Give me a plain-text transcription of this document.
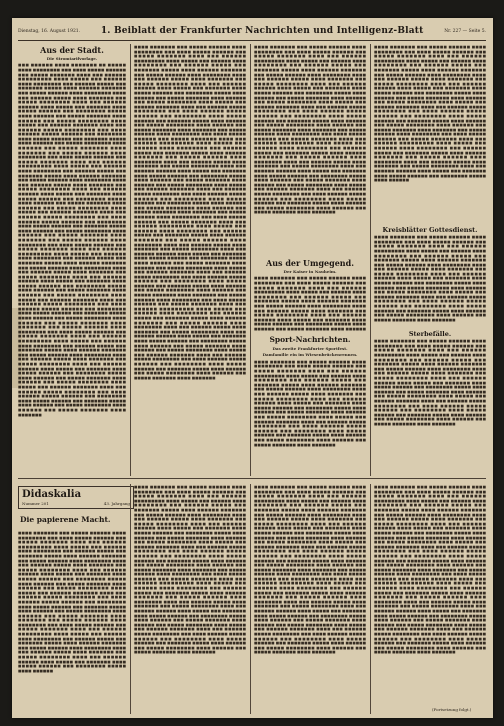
Dienstag, 16. August 1921. 1. Beiblatt der Frankfurter Nachrichten und Intelligenz-Blatt	Nr. 227 — Seite 5.
Aus der Stadt.
Die Stromtarifvorlage.
■■■ ■■■■■■ ■■■■ ■■■■■■■ ■■ ■■■■■ ■■■■ ■■■■■■■■ ■■■ ■■■■ ■■■■■ ■■■■■■ ■■■ ■■■■■ ■■■■■■■ ■■■■ ■■■ ■■■■■■ ■■■■■■■■■ ■■■■ ■■■■■ ■■■ ■■■■■■ ■■■■ ■■■■■■■■ ■■■ ■■■■■■ ■■■■■ ■■■ ■■■■■■■ ■■■■■ ■■■■ ■■■■■■ ■■■■■■■ ■■■ ■■■■■ ■■■■■■ ■■■■ ■■■■■■■■ ■■■■ ■■■ ■■■■■■ ■■■■■ ■■■■ ■■■■■■■ ■■■ ■■■■■ ■■■■■■■■ ■■■■ ■■■ ■■■■■■ ■■■■■■ ■■■■ ■■■■■ ■■■ ■■■■■■■ ■■■■ ■■■■■ ■■■■■■ ■■■ ■■■■■■■■ ■■■■■ ■■■■ ■■■■■■ ■■■ ■■■■■ ■■■■■■■ ■■■■ ■■■■■■ ■■■ ■■■■■ ■■■■■■■■ ■■■■ ■■■■■ ■■■ ■■■■■■ ■■■■■■■ ■■■■ ■■■ ■■■■■■ ■■■■■ ■■■■■■■■ ■■■ ■■■■ ■■■■■■ ■■■■■ ■■■■■■ ■■■ ■■■■■■■■ ■■■■ ■■■■■ ■■■■■■ ■■■ ■■■■■■■ ■■■■■ ■■■■ ■■■■■■ ■■■ ■■■■■ ■■■■■■■■ ■■■■ ■■■■■■ ■■■ ■■■■■ ■■■■■■■ ■■■■ ■■■■■■■ ■■■ ■■■■■ ■■■■■■ ■■■■ ■■■■■■■■ ■■■ ■■■■ ■■■■■ ■■■■■■ ■■■ ■■■■■ ■■■■■■■ ■■■■ ■■■ ■■■■■■ ■■■■■■■■■ ■■■■ ■■■■■ ■■■ ■■■■■■ ■■■■ ■■■■■■■■ ■■■ ■■■■■■ ■■■■■ ■■■ ■■■■■■■ ■■■■■ ■■■■ ■■■■■■ ■■■■■■■ ■■■ ■■■■■ ■■■■■■ ■■■■ ■■■■■■■■ ■■■■ ■■■ ■■■■■■ ■■■■■ ■■■■ ■■■■■■■ ■■■ ■■■■■ ■■■■■■■■ ■■■■ ■■■ ■■■■■■ ■■■■■■ ■■■■ ■■■■■ ■■■ ■■■■■■■ ■■■■ ■■■■■ ■■■■■■ ■■■ ■■■■■■■■ ■■■■■ ■■■■ ■■■■■■ ■■■ ■■■■■ ■■■■■■■ ■■■■ ■■■■■■ ■■■ ■■■■■ ■■■■■■■■ ■■■■ ■■■■■ ■■■ ■■■■■■ ■■■■■■■ ■■■■ ■■■ ■■■■■■ ■■■■■ ■■■■■■■■ ■■■ ■■■■ ■■■■■■ ■■■■■ ■■■■■■ ■■■ ■■■■■■■■ ■■■■ ■■■■■ ■■■■■■ ■■■ ■■■■■■■ ■■■■■ ■■■■ ■■■■■■ ■■■ ■■■■■ ■■■■■■■■ ■■■■ ■■■■■■ ■■■ ■■■■■ ■■■■■■■ ■■■■ ■■■■■■■ ■■■ ■■■■■ ■■■■■■ ■■■■ ■■■■■■■■ ■■■ ■■■■ ■■■■■ ■■■■■■ ■■■ ■■■■■ ■■■■■■■ ■■■■ ■■■ ■■■■■■ ■■■■■■■■■ ■■■■ ■■■■■ ■■■ ■■■■■■ ■■■■ ■■■■■■■■ ■■■ ■■■■■■ ■■■■■ ■■■ ■■■■■■■ ■■■■■ ■■■■ ■■■■■■ ■■■■■■■ ■■■ ■■■■■ ■■■■■■ ■■■■ ■■■■■■■■ ■■■■ ■■■ ■■■■■■ ■■■■■ ■■■■ ■■■■■■■ ■■■ ■■■■■ ■■■■■■■■ ■■■■ ■■■ ■■■■■■ ■■■■■■ ■■■■ ■■■■■ ■■■ ■■■■■■■ ■■■■ ■■■■■ ■■■■■■ ■■■ ■■■■■■■■ ■■■■■ ■■■■ ■■■■■■ ■■■ ■■■■■ ■■■■■■■ ■■■■ ■■■■■■ ■■■ ■■■■■ ■■■■■■■■ ■■■■ ■■■■■ ■■■ ■■■■■■ ■■■■■■■ ■■■■ ■■■ ■■■■■■ ■■■■■ ■■■■■■■■ ■■■ ■■■■ ■■■■■■ ■■■■■ ■■■■■■ ■■■ ■■■■■■■■ ■■■■ ■■■■■ ■■■■■■ ■■■ ■■■■■■■ ■■■■■ ■■■■ ■■■■■■ ■■■ ■■■■■ ■■■■■■■■ ■■■■ ■■■■■■ ■■■ ■■■■■ ■■■■■■■ ■■■■ ■■■■■■■ ■■■ ■■■■■ ■■■■■■ ■■■■ ■■■■■■■■ ■■■ ■■■■ ■■■■■ ■■■■■■ ■■■ ■■■■■ ■■■■■■■ ■■■■ ■■■ ■■■■■■ ■■■■■■■■■ ■■■■ ■■■■■ ■■■ ■■■■■■ ■■■■ ■■■■■■■■ ■■■ ■■■■■■ ■■■■■ ■■■ ■■■■■■■ ■■■■■ ■■■■ ■■■■■■ ■■■■■■■ ■■■ ■■■■■ ■■■■■■ ■■■■ ■■■■■■■■ ■■■■ ■■■ ■■■■■■ ■■■■■ ■■■■ ■■■■■■■ ■■■ ■■■■■ ■■■■■■■■ ■■■■ ■■■ ■■■■■■ ■■■■■■ ■■■■ ■■■■■ ■■■ ■■■■■■■ ■■■■ ■■■■■ ■■■■■■ ■■■ ■■■■■■■■ ■■■■■ ■■■■ ■■■■■■ ■■■ ■■■■■ ■■■■■■■ ■■■■ ■■■■■■ ■■■ ■■■■■ ■■■■■■■■ ■■■■ ■■■■■ ■■■ ■■■■■■ ■■■■■■■ ■■■■ ■■■ ■■■■■■ ■■■■■ ■■■■■■■■ ■■■ ■■■■ ■■■■■■ ■■■■■ ■■■■■■ ■■■ ■■■■■■■■ ■■■■ ■■■■■ ■■■■■■ ■■■ ■■■■■■■ ■■■■■ ■■■■ ■■■■■■ ■■■ ■■■■■ ■■■■■■■■ ■■■■ ■■■■■■ ■■■ ■■■■■ ■■■■■■■ ■■■■ ■■■■■■■
■■■■ ■■■■■■■ ■■■ ■■■■■ ■■■■■■ ■■■■ ■■■■■■■■ ■■■ ■■■■ ■■■■■ ■■■■■■ ■■■ ■■■■■ ■■■■■■■ ■■■■ ■■■ ■■■■■■ ■■■■■■■■■ ■■■■ ■■■■■ ■■■ ■■■■■■ ■■■■ ■■■■■■■■ ■■■ ■■■■■■ ■■■■■ ■■■ ■■■■■■■ ■■■■■ ■■■■ ■■■■■■ ■■■■■■■ ■■■ ■■■■■ ■■■■■■ ■■■■ ■■■■■■■■ ■■■■ ■■■ ■■■■■■ ■■■■■ ■■■■ ■■■■■■■ ■■■ ■■■■■ ■■■■■■■■ ■■■■ ■■■ ■■■■■■ ■■■■■■ ■■■■ ■■■■■ ■■■ ■■■■■■■ ■■■■ ■■■■■ ■■■■■■ ■■■ ■■■■■■■■ ■■■■■ ■■■■ ■■■■■■ ■■■ ■■■■■ ■■■■■■■ ■■■■ ■■■■■■ ■■■ ■■■■■ ■■■■■■■■ ■■■■ ■■■■■ ■■■ ■■■■■■ ■■■■■■■ ■■■■ ■■■ ■■■■■■ ■■■■■ ■■■■■■■■ ■■■ ■■■■ ■■■■■■ ■■■■■ ■■■■■■ ■■■ ■■■■■■■■ ■■■■ ■■■■■ ■■■■■■ ■■■ ■■■■■■■ ■■■■■ ■■■■ ■■■■■■ ■■■ ■■■■■ ■■■■■■■■ ■■■■ ■■■■■■ ■■■ ■■■■■ ■■■■■■■ ■■■■ ■■■■■■■ ■■■ ■■■■■ ■■■■■■ ■■■■ ■■■■■■■■ ■■■ ■■■■ ■■■■■ ■■■■■■ ■■■ ■■■■■ ■■■■■■■ ■■■■ ■■■ ■■■■■■ ■■■■■■■■■ ■■■■ ■■■■■ ■■■ ■■■■■■ ■■■■ ■■■■■■■■ ■■■ ■■■■■■ ■■■■■ ■■■ ■■■■■■■ ■■■■■ ■■■■ ■■■■■■ ■■■■■■■ ■■■ ■■■■■ ■■■■■■ ■■■■ ■■■■■■■■ ■■■■ ■■■ ■■■■■■ ■■■■■ ■■■■ ■■■■■■■ ■■■ ■■■■■ ■■■■■■■■ ■■■■ ■■■ ■■■■■■ ■■■■■■ ■■■■ ■■■■■ ■■■ ■■■■■■■ ■■■■ ■■■■■ ■■■■■■ ■■■ ■■■■■■■■ ■■■■■ ■■■■ ■■■■■■ ■■■ ■■■■■ ■■■■■■■ ■■■■ ■■■■■■ ■■■ ■■■■■ ■■■■■■■■ ■■■■ ■■■■■ ■■■ ■■■■■■ ■■■■■■■ ■■■■ ■■■ ■■■■■■ ■■■■■ ■■■■■■■■ ■■■ ■■■■ ■■■■■■ ■■■■■ ■■■■■■ ■■■ ■■■■■■■■ ■■■■ ■■■■■ ■■■■■■ ■■■ ■■■■■■■ ■■■■■ ■■■■ ■■■■■■ ■■■ ■■■■■ ■■■■■■■■ ■■■■ ■■■■■■ ■■■ ■■■■■ ■■■■■■■ ■■■■ ■■■■■■■ ■■■ ■■■■■ ■■■■■■ ■■■■ ■■■■■■■■ ■■■ ■■■■ ■■■■■ ■■■■■■ ■■■ ■■■■■ ■■■■■■■ ■■■■ ■■■ ■■■■■■ ■■■■■■■■■ ■■■■ ■■■■■ ■■■ ■■■■■■ ■■■■ ■■■■■■■■ ■■■ ■■■■■■ ■■■■■ ■■■ ■■■■■■■ ■■■■■ ■■■■ ■■■■■■ ■■■■■■■ ■■■ ■■■■■ ■■■■■■ ■■■■ ■■■■■■■■ ■■■■ ■■■ ■■■■■■ ■■■■■ ■■■■ ■■■■■■■ ■■■ ■■■■■ ■■■■■■■■ ■■■■ ■■■ ■■■■■■ ■■■■■■ ■■■■ ■■■■■ ■■■ ■■■■■■■ ■■■■ ■■■■■ ■■■■■■ ■■■ ■■■■■■■■ ■■■■■ ■■■■ ■■■■■■ ■■■ ■■■■■ ■■■■■■■ ■■■■ ■■■■■■ ■■■ ■■■■■ ■■■■■■■■ ■■■■ ■■■■■ ■■■ ■■■■■■ ■■■■■■■ ■■■■ ■■■ ■■■■■■ ■■■■■ ■■■■■■■■ ■■■ ■■■■ ■■■■■■ ■■■■■ ■■■■■■ ■■■ ■■■■■■■■ ■■■■ ■■■■■ ■■■■■■ ■■■ ■■■■■■■ ■■■■■ ■■■■ ■■■■■■ ■■■ ■■■■■ ■■■■■■■■ ■■■■ ■■■■■■ ■■■ ■■■■■ ■■■■■■■ ■■■■ ■■■■■■■ ■■■ ■■■■■ ■■■■■■ ■■■■ ■■■■■■■■ ■■■ ■■■■ ■■■■■ ■■■■■■ ■■■ ■■■■■ ■■■■■■■ ■■■■ ■■■ ■■■■■■ ■■■■■■■■■ ■■■■ ■■■■■ ■■■ ■■■■■■ ■■■■ ■■■■■■■■ ■■■ ■■■■■■ ■■■■■ ■■■ ■■■■■■■ ■■■■■ ■■■■ ■■■■■■ ■■■■■■■ ■■■ ■■■■■ ■■■■■■ ■■■■ ■■■■■■■■ ■■■■ ■■■ ■■■■■■ ■■■■■ ■■■■ ■■■■■■■ ■■■ ■■■■■ ■■■■■■■■ ■■■■ ■■■ ■■■■■■ ■■■■■■ ■■■■ ■■■■■ ■■■ ■■■■■■■ ■■■■ ■■■■■ ■■■■■■ ■■■ ■■■■■■■■ ■■■■■ ■■■■ ■■■■■■ ■■■ ■■■■■ ■■■■■■■ ■■■■ ■■■■■■ ■■■ ■■■■■ ■■■■■■■■ ■■■■ ■■■■■ ■■■ ■■■■■■ ■■■■■■■ ■■■■ ■■■ ■■■■■■ ■■■■■ ■■■■■■■■ ■■■ ■■■■ ■■■■■■ ■■■■■ ■■■■■■ ■■■ ■■■■■■■■ ■■■■ ■■■■■ ■■■■■■ ■■■ ■■■■■■■ ■■■■■ ■■■■ ■■■■■■ ■■■ ■■■■■ ■■■■■■■■ ■■■■ ■■■■■■ ■■■ ■■■■■ ■■■■■■■ ■■■■ ■■■■■■■
■■■■ ■■■■■■■ ■■■ ■■■■■ ■■■■■■ ■■■■ ■■■■■■■■ ■■■ ■■■■ ■■■■■ ■■■■■■ ■■■ ■■■■■ ■■■■■■■ ■■■■ ■■■ ■■■■■■ ■■■■■■■■■ ■■■■ ■■■■■ ■■■ ■■■■■■ ■■■■ ■■■■■■■■ ■■■ ■■■■■■ ■■■■■ ■■■ ■■■■■■■ ■■■■■ ■■■■ ■■■■■■ ■■■■■■■ ■■■ ■■■■■ ■■■■■■ ■■■■ ■■■■■■■■ ■■■■ ■■■ ■■■■■■ ■■■■■ ■■■■ ■■■■■■■ ■■■ ■■■■■ ■■■■■■■■ ■■■■ ■■■ ■■■■■■ ■■■■■■ ■■■■ ■■■■■ ■■■ ■■■■■■■ ■■■■ ■■■■■ ■■■■■■ ■■■ ■■■■■■■■ ■■■■■ ■■■■ ■■■■■■ ■■■ ■■■■■ ■■■■■■■ ■■■■ ■■■■■■ ■■■ ■■■■■ ■■■■■■■■ ■■■■ ■■■■■ ■■■ ■■■■■■ ■■■■■■■ ■■■■ ■■■ ■■■■■■ ■■■■■ ■■■■■■■■ ■■■ ■■■■ ■■■■■■ ■■■■■ ■■■■■■ ■■■ ■■■■■■■■ ■■■■ ■■■■■ ■■■■■■ ■■■ ■■■■■■■ ■■■■■ ■■■■ ■■■■■■ ■■■ ■■■■■ ■■■■■■■■ ■■■■ ■■■■■■ ■■■ ■■■■■ ■■■■■■■ ■■■■ ■■■■■■■ ■■■ ■■■■■ ■■■■■■ ■■■■ ■■■■■■■■ ■■■ ■■■■ ■■■■■ ■■■■■■ ■■■ ■■■■■ ■■■■■■■ ■■■■ ■■■ ■■■■■■ ■■■■■■■■■ ■■■■ ■■■■■ ■■■ ■■■■■■ ■■■■ ■■■■■■■■ ■■■ ■■■■■■ ■■■■■ ■■■ ■■■■■■■ ■■■■■ ■■■■ ■■■■■■ ■■■■■■■ ■■■ ■■■■■ ■■■■■■ ■■■■ ■■■■■■■■ ■■■■ ■■■ ■■■■■■ ■■■■■ ■■■■ ■■■■■■■ ■■■ ■■■■■ ■■■■■■■■ ■■■■ ■■■ ■■■■■■ ■■■■■■ ■■■■ ■■■■■ ■■■ ■■■■■■■ ■■■■ ■■■■■ ■■■■■■ ■■■ ■■■■■■■■ ■■■■■ ■■■■ ■■■■■■ ■■■ ■■■■■ ■■■■■■■ ■■■■ ■■■■■■ ■■■ ■■■■■ ■■■■■■■■ ■■■■ ■■■■■ ■■■ ■■■■■■ ■■■■■■■ ■■■■ ■■■ ■■■■■■ ■■■■■ ■■■■■■■■ ■■■ ■■■■ ■■■■■■ ■■■■■ ■■■■■■ ■■■ ■■■■■■■■ ■■■■ ■■■■■ ■■■■■■ ■■■ ■■■■■■■ ■■■■■ ■■■■ ■■■■■■ ■■■ ■■■■■ ■■■■■■■■ ■■■■ ■■■■■■ ■■■ ■■■■■ ■■■■■■■ ■■■■ ■■■■■■■
Aus der Umgegend.
Der Kaiser in Nauheim.
■■■■ ■■■■■■■ ■■■ ■■■■■ ■■■■■■ ■■■■ ■■■■■■■■ ■■■ ■■■■ ■■■■■ ■■■■■■ ■■■ ■■■■■ ■■■■■■■ ■■■■ ■■■ ■■■■■■ ■■■■■■■■■ ■■■■ ■■■■■ ■■■ ■■■■■■ ■■■■ ■■■■■■■■ ■■■ ■■■■■■ ■■■■■ ■■■ ■■■■■■■ ■■■■■ ■■■■ ■■■■■■ ■■■■■■■ ■■■ ■■■■■ ■■■■■■ ■■■■ ■■■■■■■■ ■■■■ ■■■ ■■■■■■ ■■■■■ ■■■■ ■■■■■■■ ■■■ ■■■■■ ■■■■■■■■ ■■■■ ■■■ ■■■■■■ ■■■■■■ ■■■■ ■■■■■ ■■■ ■■■■■■■ ■■■■ ■■■■■ ■■■■■■ ■■■ ■■■■■■■■ ■■■■■ ■■■■ ■■■■■■ ■■■ ■■■■■ ■■■■■■■ ■■■■ ■■■■■■
Sport-Nachrichten.
Das zweite Frankfurter Sportfest.
Damfamilie ein im Wiesenbrückenrennen.
■■■■ ■■■■■■■ ■■■ ■■■■■ ■■■■■■ ■■■■ ■■■■■■■■ ■■■ ■■■■ ■■■■■ ■■■■■■ ■■■ ■■■■■ ■■■■■■■ ■■■■ ■■■ ■■■■■■ ■■■■■■■■■ ■■■■ ■■■■■ ■■■ ■■■■■■ ■■■■ ■■■■■■■■ ■■■ ■■■■■■ ■■■■■ ■■■ ■■■■■■■ ■■■■■ ■■■■ ■■■■■■ ■■■■■■■ ■■■ ■■■■■ ■■■■■■ ■■■■ ■■■■■■■■ ■■■■ ■■■ ■■■■■■ ■■■■■ ■■■■ ■■■■■■■ ■■■ ■■■■■ ■■■■■■■■ ■■■■ ■■■ ■■■■■■ ■■■■■■ ■■■■ ■■■■■ ■■■ ■■■■■■■ ■■■■ ■■■■■ ■■■■■■ ■■■ ■■■■■■■■ ■■■■■ ■■■■ ■■■■■■ ■■■ ■■■■■ ■■■■■■■ ■■■■ ■■■■■■ ■■■ ■■■■■ ■■■■■■■■ ■■■■ ■■■■■ ■■■ ■■■■■■ ■■■■■■■ ■■■■ ■■■ ■■■■■■ ■■■■■ ■■■■■■■■ ■■■ ■■■■ ■■■■■■ ■■■■■ ■■■■■■ ■■■ ■■■■■■■■ ■■■■ ■■■■■ ■■■■■■ ■■■ ■■■■■■■ ■■■■■ ■■■■ ■■■■■■ ■■■ ■■■■■ ■■■■■■■■ ■■■■ ■■■■■■ ■■■ ■■■■■ ■■■■■■■ ■■■■ ■■■■■■■
■■■■ ■■■■■■■ ■■■ ■■■■■ ■■■■■■ ■■■■ ■■■■■■■■ ■■■ ■■■■ ■■■■■ ■■■■■■ ■■■ ■■■■■ ■■■■■■■ ■■■■ ■■■ ■■■■■■ ■■■■■■■■■ ■■■■ ■■■■■ ■■■ ■■■■■■ ■■■■ ■■■■■■■■ ■■■ ■■■■■■ ■■■■■ ■■■ ■■■■■■■ ■■■■■ ■■■■ ■■■■■■ ■■■■■■■ ■■■ ■■■■■ ■■■■■■ ■■■■ ■■■■■■■■ ■■■■ ■■■ ■■■■■■ ■■■■■ ■■■■ ■■■■■■■ ■■■ ■■■■■ ■■■■■■■■ ■■■■ ■■■ ■■■■■■ ■■■■■■ ■■■■ ■■■■■ ■■■ ■■■■■■■ ■■■■ ■■■■■ ■■■■■■ ■■■ ■■■■■■■■ ■■■■■ ■■■■ ■■■■■■ ■■■ ■■■■■ ■■■■■■■ ■■■■ ■■■■■■ ■■■ ■■■■■ ■■■■■■■■ ■■■■ ■■■■■ ■■■ ■■■■■■ ■■■■■■■ ■■■■ ■■■ ■■■■■■ ■■■■■ ■■■■■■■■ ■■■ ■■■■ ■■■■■■ ■■■■■ ■■■■■■ ■■■ ■■■■■■■■ ■■■■ ■■■■■ ■■■■■■ ■■■ ■■■■■■■ ■■■■■ ■■■■ ■■■■■■ ■■■ ■■■■■ ■■■■■■■■ ■■■■ ■■■■■■ ■■■ ■■■■■ ■■■■■■■ ■■■■ ■■■■■■■ ■■■ ■■■■■ ■■■■■■ ■■■■ ■■■■■■■■ ■■■ ■■■■ ■■■■■ ■■■■■■ ■■■ ■■■■■ ■■■■■■■ ■■■■ ■■■ ■■■■■■ ■■■■■■■■■ ■■■■ ■■■■■ ■■■ ■■■■■■ ■■■■ ■■■■■■■■ ■■■ ■■■■■■ ■■■■■ ■■■ ■■■■■■■ ■■■■■ ■■■■ ■■■■■■ ■■■■■■■ ■■■ ■■■■■ ■■■■■■ ■■■■ ■■■■■■■■ ■■■■ ■■■ ■■■■■■ ■■■■■ ■■■■ ■■■■■■■ ■■■ ■■■■■ ■■■■■■■■ ■■■■ ■■■ ■■■■■■ ■■■■■■ ■■■■ ■■■■■ ■■■ ■■■■■■■ ■■■■ ■■■■■ ■■■■■■ ■■■ ■■■■■■■■ ■■■■■ ■■■■ ■■■■■■
Kreisblätter Gottesdienst.
■■■■ ■■■■■■■ ■■■ ■■■■■ ■■■■■■ ■■■■ ■■■■■■■■ ■■■ ■■■■ ■■■■■ ■■■■■■ ■■■ ■■■■■ ■■■■■■■ ■■■■ ■■■ ■■■■■■ ■■■■■■■■■ ■■■■ ■■■■■ ■■■ ■■■■■■ ■■■■ ■■■■■■■■ ■■■ ■■■■■■ ■■■■■ ■■■ ■■■■■■■ ■■■■■ ■■■■ ■■■■■■ ■■■■■■■ ■■■ ■■■■■ ■■■■■■ ■■■■ ■■■■■■■■ ■■■■ ■■■ ■■■■■■ ■■■■■ ■■■■ ■■■■■■■ ■■■ ■■■■■ ■■■■■■■■ ■■■■ ■■■ ■■■■■■ ■■■■■■ ■■■■ ■■■■■ ■■■ ■■■■■■■ ■■■■ ■■■■■ ■■■■■■ ■■■ ■■■■■■■■ ■■■■■ ■■■■ ■■■■■■ ■■■ ■■■■■ ■■■■■■■ ■■■■ ■■■■■■ ■■■ ■■■■■ ■■■■■■■■ ■■■■ ■■■■■ ■■■ ■■■■■■ ■■■■■■■ ■■■■ ■■■ ■■■■■■ ■■■■■ ■■■■■■■■ ■■■ ■■■■ ■■■■■■ ■■■■■ ■■■■■■ ■■■ ■■■■■■■■ ■■■■ ■■■■■ ■■■■■■ ■■■ ■■■■■■■ ■■■■■ ■■■■ ■■■■■■ ■■■ ■■■■■ ■■■■■■■■ ■■■■ ■■■■■■ ■■■ ■■■■■ ■■■■■■■ ■■■■ ■■■■■■■
Sterbefälle.
■■■■ ■■■■■■■ ■■■ ■■■■■ ■■■■■■ ■■■■ ■■■■■■■■ ■■■ ■■■■ ■■■■■ ■■■■■■ ■■■ ■■■■■ ■■■■■■■ ■■■■ ■■■ ■■■■■■ ■■■■■■■■■ ■■■■ ■■■■■ ■■■ ■■■■■■ ■■■■ ■■■■■■■■ ■■■ ■■■■■■ ■■■■■ ■■■ ■■■■■■■ ■■■■■ ■■■■ ■■■■■■ ■■■■■■■ ■■■ ■■■■■ ■■■■■■ ■■■■ ■■■■■■■■ ■■■■ ■■■ ■■■■■■ ■■■■■ ■■■■ ■■■■■■■ ■■■ ■■■■■ ■■■■■■■■ ■■■■ ■■■ ■■■■■■ ■■■■■■ ■■■■ ■■■■■ ■■■ ■■■■■■■ ■■■■ ■■■■■ ■■■■■■ ■■■ ■■■■■■■■ ■■■■■ ■■■■ ■■■■■■ ■■■ ■■■■■ ■■■■■■■ ■■■■ ■■■■■■ ■■■ ■■■■■ ■■■■■■■■ ■■■■ ■■■■■ ■■■ ■■■■■■ ■■■■■■■ ■■■■ ■■■ ■■■■■■ ■■■■■ ■■■■■■■■ ■■■ ■■■■ ■■■■■■ ■■■■■ ■■■■■■ ■■■ ■■■■■■■■ ■■■■ ■■■■■ ■■■■■■ ■■■ ■■■■■■■ ■■■■■ ■■■■ ■■■■■■ ■■■ ■■■■■ ■■■■■■■■ ■■■■ ■■■■■■ ■■■ ■■■■■ ■■■■■■■ ■■■■ ■■■■■■■
Didaskalia
Nummer 201	43. Jahrgang
Die papierene Macht.
■■■■ ■■■■■■■ ■■■ ■■■■■ ■■■■■■ ■■■■ ■■■■■■■■ ■■■ ■■■■ ■■■■■ ■■■■■■ ■■■ ■■■■■ ■■■■■■■ ■■■■ ■■■ ■■■■■■ ■■■■■■■■■ ■■■■ ■■■■■ ■■■ ■■■■■■ ■■■■ ■■■■■■■■ ■■■ ■■■■■■ ■■■■■ ■■■ ■■■■■■■ ■■■■■ ■■■■ ■■■■■■ ■■■■■■■ ■■■ ■■■■■ ■■■■■■ ■■■■ ■■■■■■■■ ■■■■ ■■■ ■■■■■■ ■■■■■ ■■■■ ■■■■■■■ ■■■ ■■■■■ ■■■■■■■■ ■■■■ ■■■ ■■■■■■ ■■■■■■ ■■■■ ■■■■■ ■■■ ■■■■■■■ ■■■■ ■■■■■ ■■■■■■ ■■■ ■■■■■■■■ ■■■■■ ■■■■ ■■■■■■ ■■■ ■■■■■ ■■■■■■■ ■■■■ ■■■■■■ ■■■ ■■■■■ ■■■■■■■■ ■■■■ ■■■■■ ■■■ ■■■■■■ ■■■■■■■ ■■■■ ■■■ ■■■■■■ ■■■■■ ■■■■■■■■ ■■■ ■■■■ ■■■■■■ ■■■■■ ■■■■■■ ■■■ ■■■■■■■■ ■■■■ ■■■■■ ■■■■■■ ■■■ ■■■■■■■ ■■■■■ ■■■■ ■■■■■■ ■■■ ■■■■■ ■■■■■■■■ ■■■■ ■■■■■■ ■■■ ■■■■■ ■■■■■■■ ■■■■ ■■■■■■■ ■■■ ■■■■■ ■■■■■■ ■■■■ ■■■■■■■■ ■■■ ■■■■ ■■■■■ ■■■■■■ ■■■ ■■■■■ ■■■■■■■ ■■■■ ■■■ ■■■■■■ ■■■■■■■■■ ■■■■ ■■■■■ ■■■ ■■■■■■ ■■■■ ■■■■■■■■ ■■■ ■■■■■■ ■■■■■ ■■■ ■■■■■■■ ■■■■■ ■■■■ ■■■■■■ ■■■■■■■ ■■■ ■■■■■ ■■■■■■ ■■■■ ■■■■■■■■ ■■■■ ■■■ ■■■■■■ ■■■■■ ■■■■ ■■■■■■■ ■■■ ■■■■■ ■■■■■■■■ ■■■■ ■■■ ■■■■■■ ■■■■■■ ■■■■ ■■■■■ ■■■ ■■■■■■■ ■■■■ ■■■■■ ■■■■■■ ■■■ ■■■■■■■■ ■■■■■ ■■■■ ■■■■■■
■■■■ ■■■■■■■ ■■■ ■■■■■ ■■■■■■ ■■■■ ■■■■■■■■ ■■■ ■■■■ ■■■■■ ■■■■■■ ■■■ ■■■■■ ■■■■■■■ ■■■■ ■■■ ■■■■■■ ■■■■■■■■■ ■■■■ ■■■■■ ■■■ ■■■■■■ ■■■■ ■■■■■■■■ ■■■ ■■■■■■ ■■■■■ ■■■ ■■■■■■■ ■■■■■ ■■■■ ■■■■■■ ■■■■■■■ ■■■ ■■■■■ ■■■■■■ ■■■■ ■■■■■■■■ ■■■■ ■■■ ■■■■■■ ■■■■■ ■■■■ ■■■■■■■ ■■■ ■■■■■ ■■■■■■■■ ■■■■ ■■■ ■■■■■■ ■■■■■■ ■■■■ ■■■■■ ■■■ ■■■■■■■ ■■■■ ■■■■■ ■■■■■■ ■■■ ■■■■■■■■ ■■■■■ ■■■■ ■■■■■■ ■■■ ■■■■■ ■■■■■■■ ■■■■ ■■■■■■ ■■■ ■■■■■ ■■■■■■■■ ■■■■ ■■■■■ ■■■ ■■■■■■ ■■■■■■■ ■■■■ ■■■ ■■■■■■ ■■■■■ ■■■■■■■■ ■■■ ■■■■ ■■■■■■ ■■■■■ ■■■■■■ ■■■ ■■■■■■■■ ■■■■ ■■■■■ ■■■■■■ ■■■ ■■■■■■■ ■■■■■ ■■■■ ■■■■■■ ■■■ ■■■■■ ■■■■■■■■ ■■■■ ■■■■■■ ■■■ ■■■■■ ■■■■■■■ ■■■■ ■■■■■■■ ■■■ ■■■■■ ■■■■■■ ■■■■ ■■■■■■■■ ■■■ ■■■■ ■■■■■ ■■■■■■ ■■■ ■■■■■ ■■■■■■■ ■■■■ ■■■ ■■■■■■ ■■■■■■■■■ ■■■■ ■■■■■ ■■■ ■■■■■■ ■■■■ ■■■■■■■■ ■■■ ■■■■■■ ■■■■■ ■■■ ■■■■■■■ ■■■■■ ■■■■ ■■■■■■ ■■■■■■■ ■■■ ■■■■■ ■■■■■■ ■■■■ ■■■■■■■■ ■■■■ ■■■ ■■■■■■ ■■■■■ ■■■■ ■■■■■■■ ■■■ ■■■■■ ■■■■■■■■ ■■■■ ■■■ ■■■■■■ ■■■■■■ ■■■■ ■■■■■ ■■■ ■■■■■■■ ■■■■ ■■■■■ ■■■■■■ ■■■ ■■■■■■■■ ■■■■■ ■■■■ ■■■■■■ ■■■ ■■■■■ ■■■■■■■ ■■■■ ■■■■■■ ■■■ ■■■■■ ■■■■■■■■ ■■■■ ■■■■■ ■■■ ■■■■■■ ■■■■■■■ ■■■■ ■■■ ■■■■■■ ■■■■■ ■■■■■■■■ ■■■ ■■■■ ■■■■■■ ■■■■■ ■■■■■■ ■■■ ■■■■■■■■ ■■■■ ■■■■■ ■■■■■■ ■■■ ■■■■■■■ ■■■■■ ■■■■ ■■■■■■ ■■■ ■■■■■ ■■■■■■■■ ■■■■ ■■■■■■ ■■■ ■■■■■ ■■■■■■■ ■■■■ ■■■■■■■
■■■■ ■■■■■■■ ■■■ ■■■■■ ■■■■■■ ■■■■ ■■■■■■■■ ■■■ ■■■■ ■■■■■ ■■■■■■ ■■■ ■■■■■ ■■■■■■■ ■■■■ ■■■ ■■■■■■ ■■■■■■■■■ ■■■■ ■■■■■ ■■■ ■■■■■■ ■■■■ ■■■■■■■■ ■■■ ■■■■■■ ■■■■■ ■■■ ■■■■■■■ ■■■■■ ■■■■ ■■■■■■ ■■■■■■■ ■■■ ■■■■■ ■■■■■■ ■■■■ ■■■■■■■■ ■■■■ ■■■ ■■■■■■ ■■■■■ ■■■■ ■■■■■■■ ■■■ ■■■■■ ■■■■■■■■ ■■■■ ■■■ ■■■■■■ ■■■■■■ ■■■■ ■■■■■ ■■■ ■■■■■■■ ■■■■ ■■■■■ ■■■■■■ ■■■ ■■■■■■■■ ■■■■■ ■■■■ ■■■■■■ ■■■ ■■■■■ ■■■■■■■ ■■■■ ■■■■■■ ■■■ ■■■■■ ■■■■■■■■ ■■■■ ■■■■■ ■■■ ■■■■■■ ■■■■■■■ ■■■■ ■■■ ■■■■■■ ■■■■■ ■■■■■■■■ ■■■ ■■■■ ■■■■■■ ■■■■■ ■■■■■■ ■■■ ■■■■■■■■ ■■■■ ■■■■■ ■■■■■■ ■■■ ■■■■■■■ ■■■■■ ■■■■ ■■■■■■ ■■■ ■■■■■ ■■■■■■■■ ■■■■ ■■■■■■ ■■■ ■■■■■ ■■■■■■■ ■■■■ ■■■■■■■ ■■■ ■■■■■ ■■■■■■ ■■■■ ■■■■■■■■ ■■■ ■■■■ ■■■■■ ■■■■■■ ■■■ ■■■■■ ■■■■■■■ ■■■■ ■■■ ■■■■■■ ■■■■■■■■■ ■■■■ ■■■■■ ■■■ ■■■■■■ ■■■■ ■■■■■■■■ ■■■ ■■■■■■ ■■■■■ ■■■ ■■■■■■■ ■■■■■ ■■■■ ■■■■■■ ■■■■■■■ ■■■ ■■■■■ ■■■■■■ ■■■■ ■■■■■■■■ ■■■■ ■■■ ■■■■■■ ■■■■■ ■■■■ ■■■■■■■ ■■■ ■■■■■ ■■■■■■■■ ■■■■ ■■■ ■■■■■■ ■■■■■■ ■■■■ ■■■■■ ■■■ ■■■■■■■ ■■■■ ■■■■■ ■■■■■■ ■■■ ■■■■■■■■ ■■■■■ ■■■■ ■■■■■■ ■■■ ■■■■■ ■■■■■■■ ■■■■ ■■■■■■ ■■■ ■■■■■ ■■■■■■■■ ■■■■ ■■■■■ ■■■ ■■■■■■ ■■■■■■■ ■■■■ ■■■ ■■■■■■ ■■■■■ ■■■■■■■■ ■■■ ■■■■ ■■■■■■ ■■■■■ ■■■■■■ ■■■ ■■■■■■■■ ■■■■ ■■■■■ ■■■■■■ ■■■ ■■■■■■■ ■■■■■ ■■■■ ■■■■■■ ■■■ ■■■■■ ■■■■■■■■ ■■■■ ■■■■■■ ■■■ ■■■■■ ■■■■■■■ ■■■■ ■■■■■■■
■■■■ ■■■■■■■ ■■■ ■■■■■ ■■■■■■ ■■■■ ■■■■■■■■ ■■■ ■■■■ ■■■■■ ■■■■■■ ■■■ ■■■■■ ■■■■■■■ ■■■■ ■■■ ■■■■■■ ■■■■■■■■■ ■■■■ ■■■■■ ■■■ ■■■■■■ ■■■■ ■■■■■■■■ ■■■ ■■■■■■ ■■■■■ ■■■ ■■■■■■■ ■■■■■ ■■■■ ■■■■■■ ■■■■■■■ ■■■ ■■■■■ ■■■■■■ ■■■■ ■■■■■■■■ ■■■■ ■■■ ■■■■■■ ■■■■■ ■■■■ ■■■■■■■ ■■■ ■■■■■ ■■■■■■■■ ■■■■ ■■■ ■■■■■■ ■■■■■■ ■■■■ ■■■■■ ■■■ ■■■■■■■ ■■■■ ■■■■■ ■■■■■■ ■■■ ■■■■■■■■ ■■■■■ ■■■■ ■■■■■■ ■■■ ■■■■■ ■■■■■■■ ■■■■ ■■■■■■ ■■■ ■■■■■ ■■■■■■■■ ■■■■ ■■■■■ ■■■ ■■■■■■ ■■■■■■■ ■■■■ ■■■ ■■■■■■ ■■■■■ ■■■■■■■■ ■■■ ■■■■ ■■■■■■ ■■■■■ ■■■■■■ ■■■ ■■■■■■■■ ■■■■ ■■■■■ ■■■■■■ ■■■ ■■■■■■■ ■■■■■ ■■■■ ■■■■■■ ■■■ ■■■■■ ■■■■■■■■ ■■■■ ■■■■■■ ■■■ ■■■■■ ■■■■■■■ ■■■■ ■■■■■■■ ■■■ ■■■■■ ■■■■■■ ■■■■ ■■■■■■■■ ■■■ ■■■■ ■■■■■ ■■■■■■ ■■■ ■■■■■ ■■■■■■■ ■■■■ ■■■ ■■■■■■ ■■■■■■■■■ ■■■■ ■■■■■ ■■■ ■■■■■■ ■■■■ ■■■■■■■■ ■■■ ■■■■■■ ■■■■■ ■■■ ■■■■■■■ ■■■■■ ■■■■ ■■■■■■ ■■■■■■■ ■■■ ■■■■■ ■■■■■■ ■■■■ ■■■■■■■■ ■■■■ ■■■ ■■■■■■ ■■■■■ ■■■■ ■■■■■■■ ■■■ ■■■■■ ■■■■■■■■ ■■■■ ■■■ ■■■■■■ ■■■■■■ ■■■■ ■■■■■ ■■■ ■■■■■■■ ■■■■ ■■■■■ ■■■■■■ ■■■ ■■■■■■■■ ■■■■■ ■■■■ ■■■■■■ ■■■ ■■■■■ ■■■■■■■ ■■■■ ■■■■■■ ■■■ ■■■■■ ■■■■■■■■ ■■■■ ■■■■■ ■■■ ■■■■■■ ■■■■■■■ ■■■■ ■■■ ■■■■■■ ■■■■■ ■■■■■■■■ ■■■ ■■■■ ■■■■■■ ■■■■■ ■■■■■■ ■■■ ■■■■■■■■ ■■■■ ■■■■■ ■■■■■■ ■■■ ■■■■■■■ ■■■■■ ■■■■ ■■■■■■ ■■■ ■■■■■ ■■■■■■■■ ■■■■ ■■■■■■ ■■■ ■■■■■ ■■■■■■■ ■■■■ ■■■■■■■
(Fortsetzung folgt.)
